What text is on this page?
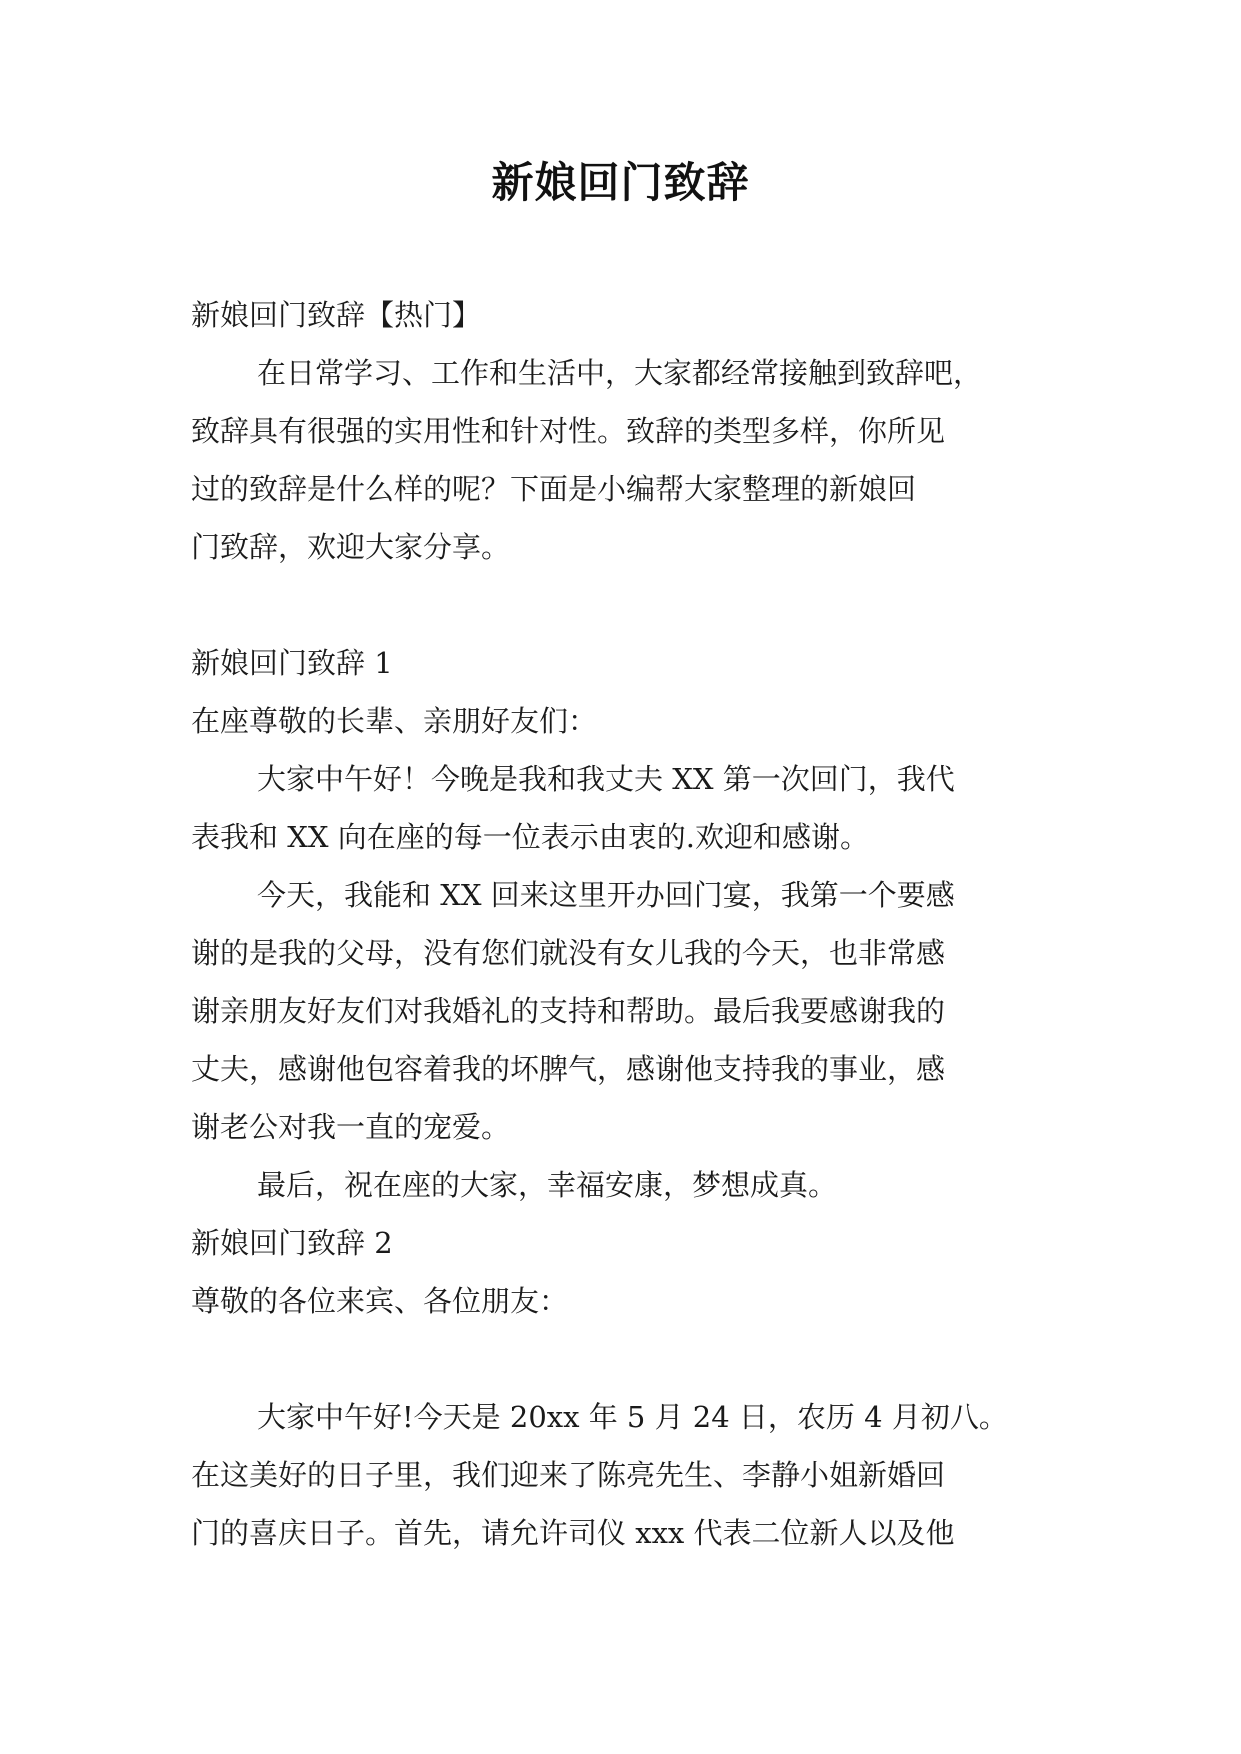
新娘回门致辞
新娘回门致辞【热门】
在日常学习、工作和生活中，大家都经常接触到致辞吧，
致辞具有很强的实用性和针对性。致辞的类型多样，你所见
过的致辞是什么样的呢？下面是小编帮大家整理的新娘回
门致辞，欢迎大家分享。
新娘回门致辞 1
在座尊敬的长辈、亲朋好友们：
大家中午好！今晚是我和我丈夫 XX 第一次回门，我代
表我和 XX 向在座的每一位表示由衷的.欢迎和感谢。
今天，我能和 XX 回来这里开办回门宴，我第一个要感
谢的是我的父母，没有您们就没有女儿我的今天，也非常感
谢亲朋友好友们对我婚礼的支持和帮助。最后我要感谢我的
丈夫，感谢他包容着我的坏脾气，感谢他支持我的事业，感
谢老公对我一直的宠爱。
最后，祝在座的大家，幸福安康，梦想成真。
新娘回门致辞 2
尊敬的各位来宾、各位朋友：
大家中午好!今天是 20xx 年 5 月 24 日，农历 4 月初八。
在这美好的日子里，我们迎来了陈亮先生、李静小姐新婚回
门的喜庆日子。首先，请允许司仪 xxx 代表二位新人以及他
